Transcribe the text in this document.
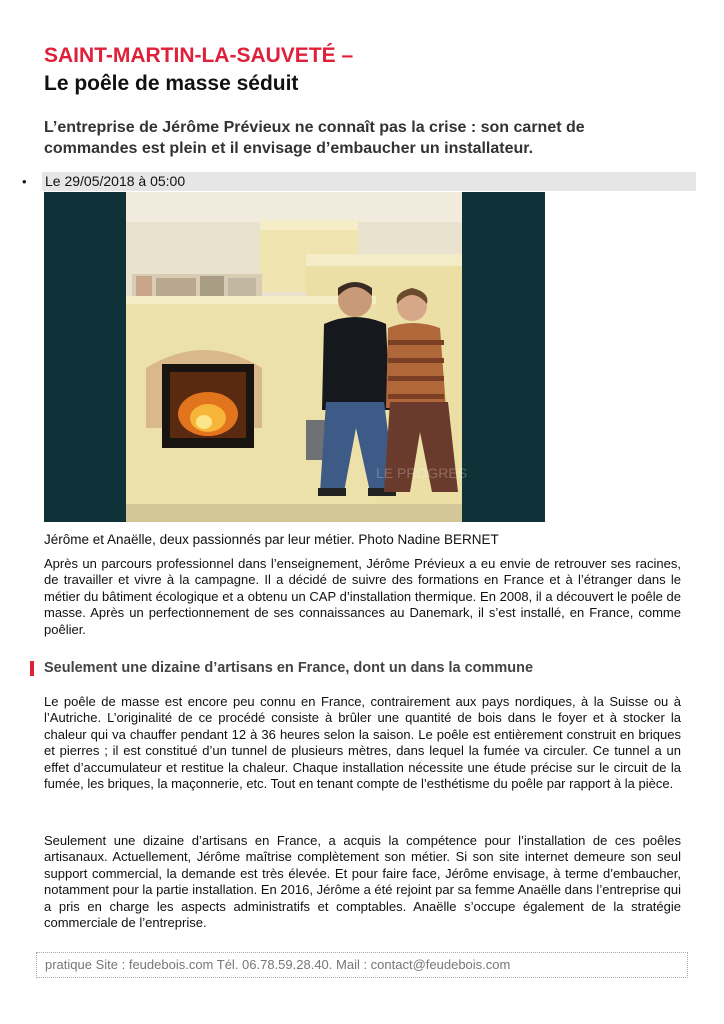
SAINT-MARTIN-LA-SAUVETÉ –
Le poêle de masse séduit
L’entreprise de Jérôme Prévieux ne connaît pas la crise : son carnet de commandes est plein et il envisage d’embaucher un installateur.
• Le 29/05/2018 à 05:00
LE PROGRES
Jérôme et Anaëlle, deux passionnés par leur métier. Photo Nadine BERNET
Après un parcours professionnel dans l’enseignement, Jérôme Prévieux a eu envie de retrouver ses racines, de travailler et vivre à la campagne. Il a décidé de suivre des formations en France et à l’étranger dans le métier du bâtiment écologique et a obtenu un CAP d’installation thermique. En 2008, il a découvert le poêle de masse. Après un perfectionnement de ses connaissances au Danemark, il s’est installé, en France, comme poêlier.
Seulement une dizaine d’artisans en France, dont un dans la commune
Le poêle de masse est encore peu connu en France, contrairement aux pays nordiques, à la Suisse ou à l’Autriche. L’originalité de ce procédé consiste à brûler une quantité de bois dans le foyer et à stocker la chaleur qui va chauffer pendant 12 à 36 heures selon la saison. Le poêle est entièrement construit en briques et pierres ; il est constitué d’un tunnel de plusieurs mètres, dans lequel la fumée va circuler. Ce tunnel a un effet d’accumulateur et restitue la chaleur. Chaque installation nécessite une étude précise sur le circuit de la fumée, les briques, la maçonnerie, etc. Tout en tenant compte de l’esthétisme du poêle par rapport à la pièce.
Seulement une dizaine d’artisans en France, a acquis la compétence pour l’installation de ces poêles artisanaux. Actuellement, Jérôme maîtrise complètement son métier. Si son site internet demeure son seul support commercial, la demande est très élevée. Et pour faire face, Jérôme envisage, à terme d’embaucher, notamment pour la partie installation. En 2016, Jérôme a été rejoint par sa femme Anaëlle dans l’entreprise qui a pris en charge les aspects administratifs et comptables. Anaëlle s’occupe également de la stratégie commerciale de l’entreprise.
pratique Site : feudebois.com Tél. 06.78.59.28.40. Mail : contact@feudebois.com
